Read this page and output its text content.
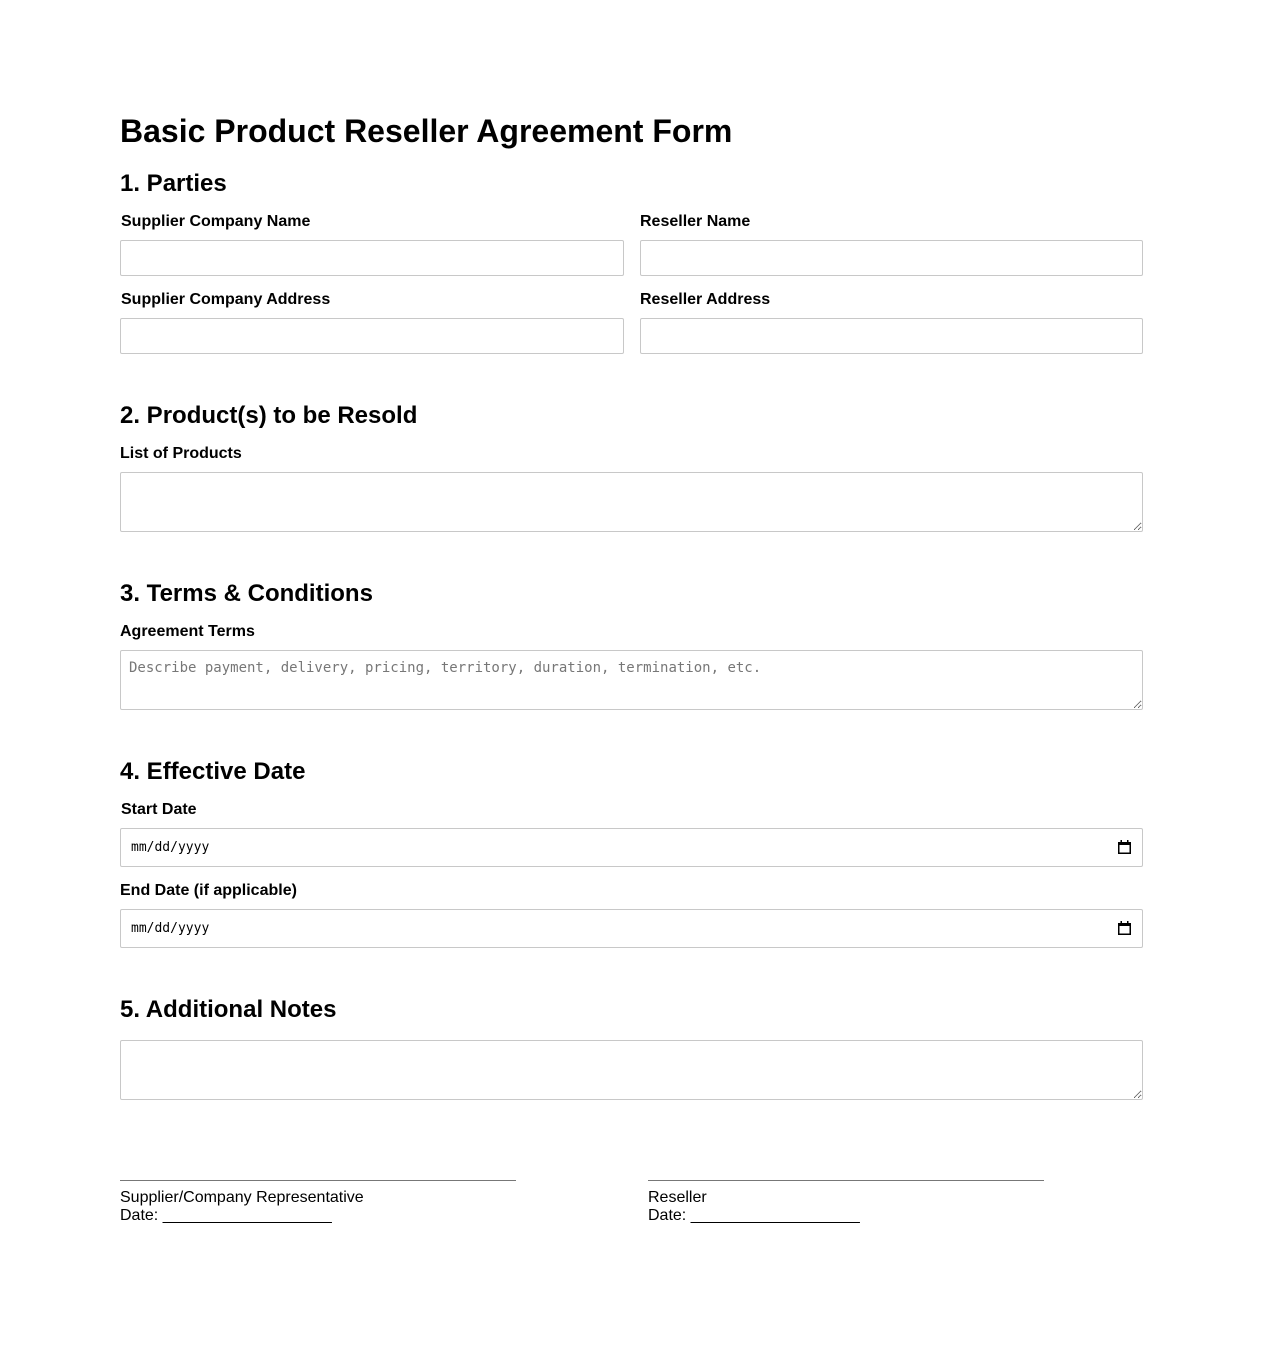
Basic Product Reseller Agreement Form
1. Parties
Supplier Company Name	Reseller Name
Supplier Company Address	Reseller Address
2. Product(s) to be Resold
List of Products
3. Terms & Conditions
Agreement Terms
Describe payment, delivery, pricing, territory, duration, termination, etc.
4. Effective Date
Start Date
mm/dd/yyyy
End Date (if applicable)
mm/dd/yyyy
5. Additional Notes
Supplier/Company Representative
Date: ___________________
Reseller
Date: ___________________
